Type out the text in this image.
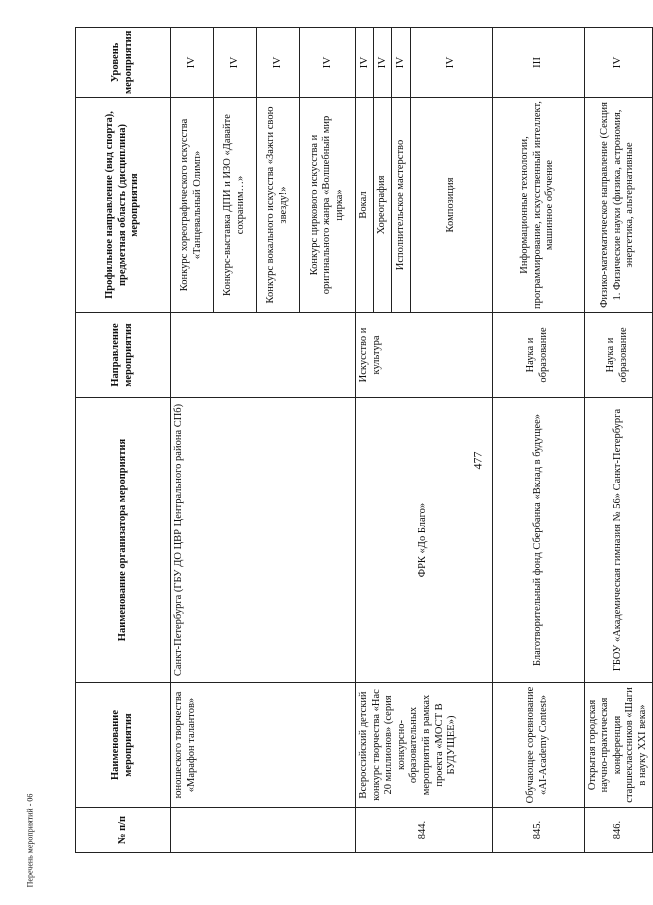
477
Перечень мероприятий - 06	№ п/п	Наименование мероприятия	Наименование организатора мероприятия	Направление мероприятия	Профильное направление (вид спорта), предметная область (дисциплина) мероприятия	Уровень мероприятия
	юношеского творчества «Марафон талантов»	Санкт-Петербурга (ГБУ ДО ЦВР Центрального района СПб)		Конкурс хореографического искусства «Танцевальный Олимп»	IV
				Конкурс-выставка ДПИ и ИЗО «Давайте сохраним…»	IV
				Конкурс вокального искусства «Зажги свою звезду!»	IV
				Конкурс циркового искусства и оригинального жанра «Волшебный мир цирка»	IV
844.	Всероссийский детский конкурс творчества «Нас 20 миллионов» (серия конкурсно-образовательных мероприятий в рамках проекта «МОСТ В БУДУЩЕЕ»)	ФРК «До Благо»	Искусство и культура	Вокал	IV
				Хореография	IV
				Исполнительское мастерство	IV
				Композиция	IV
845.	Обучающее соревнование «AI-Academy Contest»	Благотворительный фонд Сбербанка «Вклад в будущее»	Наука и образование	Информационные технологии, программирование, искусственный интеллект, машинное обучение	III
846.	Открытая городская научно-практическая конференция старшеклассников «Шаги в науку XXI века»	ГБОУ «Академическая гимназия № 56» Санкт-Петербурга	Наука и образование	Физико-математическое направление (Секция 1. Физические науки (физика, астрономия, энергетика, альтернативные	IV
